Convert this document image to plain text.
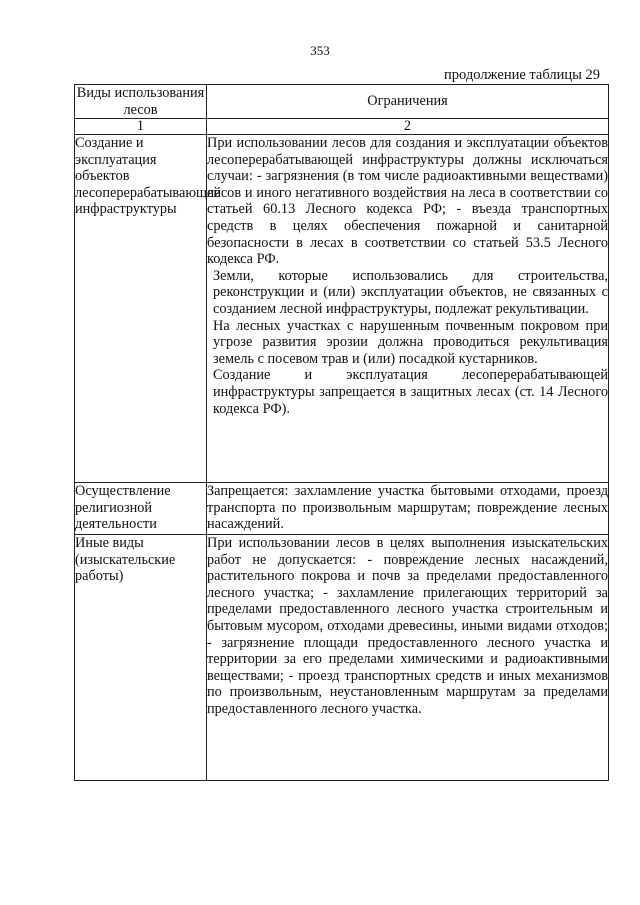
353
продолжение таблицы 29
Виды использования лесов	Ограничения
1	2
Создание и эксплуатация объектов лесоперерабатывающей инфраструктуры	При использовании лесов для создания и эксплуатации объектов лесоперерабатывающей инфраструктуры должны исключаться случаи: - загрязнения (в том числе радиоактивными веществами) лесов и иного негативного воздействия на леса в соответствии со статьей 60.13 Лесного кодекса РФ; - въезда транспортных средств в целях обеспечения пожарной и санитарной безопасности в лесах в соответствии со статьей 53.5 Лесного кодекса РФ.

Земли, которые использовались для строительства, реконструкции и (или) эксплуатации объектов, не связанных с созданием лесной инфраструктуры, подлежат рекультивации.

На лесных участках с нарушенным почвенным покровом при угрозе развития эрозии должна проводиться рекультивация земель с посевом трав и (или) посадкой кустарников.

Создание и эксплуатация лесоперерабатывающей инфраструктуры запрещается в защитных лесах (ст. 14 Лесного кодекса РФ).

Осуществление религиозной деятельности	Запрещается: захламление участка бытовыми отходами, проезд транспорта по произвольным маршрутам; повреждение лесных насаждений.

Иные виды (изыскательские работы)	При использовании лесов в целях выполнения изыскательских работ не допускается: - повреждение лесных насаждений, растительного покрова и почв за пределами предоставленного лесного участка; - захламление прилегающих территорий за пределами предоставленного лесного участка строительным и бытовым мусором, отходами древесины, иными видами отходов; - загрязнение площади предоставленного лесного участка и территории за его пределами химическими и радиоактивными веществами; - проезд транспортных средств и иных механизмов по произвольным, неустановленным маршрутам за пределами предоставленного лесного участка.
